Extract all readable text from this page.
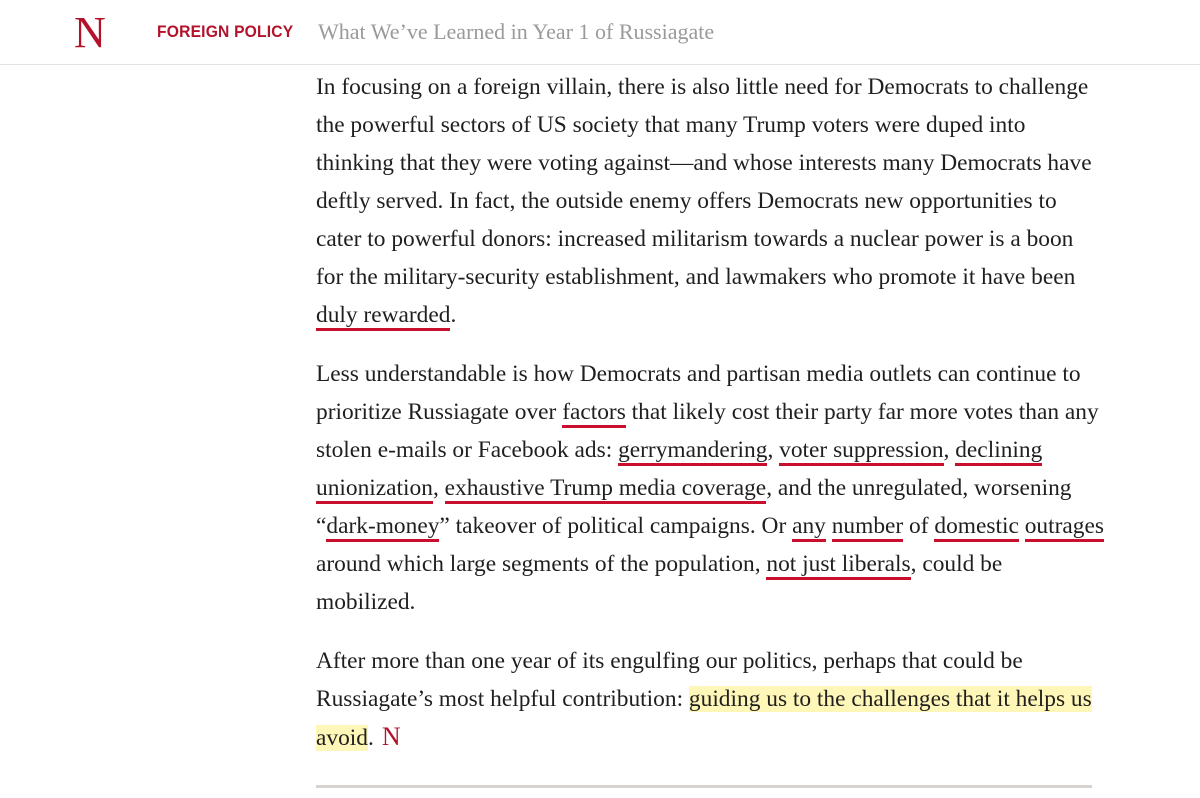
N	FOREIGN POLICY What We’ve Learned in Year 1 of Russiagate

In focusing on a foreign villain, there is also little need for Democrats to challenge the powerful sectors of US society that many Trump voters were duped into thinking that they were voting against—and whose interests many Democrats have deftly served. In fact, the outside enemy offers Democrats new opportunities to cater to powerful donors: increased militarism towards a nuclear power is a boon for the military-security establishment, and lawmakers who promote it have been duly rewarded.

Less understandable is how Democrats and partisan media outlets can continue to prioritize Russiagate over factors that likely cost their party far more votes than any stolen e-mails or Facebook ads: gerrymandering, voter suppression, declining unionization, exhaustive Trump media coverage, and the unregulated, worsening “dark-money” takeover of political campaigns. Or any number of domestic outrages around which large segments of the population, not just liberals, could be mobilized.

After more than one year of its engulfing our politics, perhaps that could be Russiagate’s most helpful contribution: guiding us to the challenges that it helps us avoid. N
